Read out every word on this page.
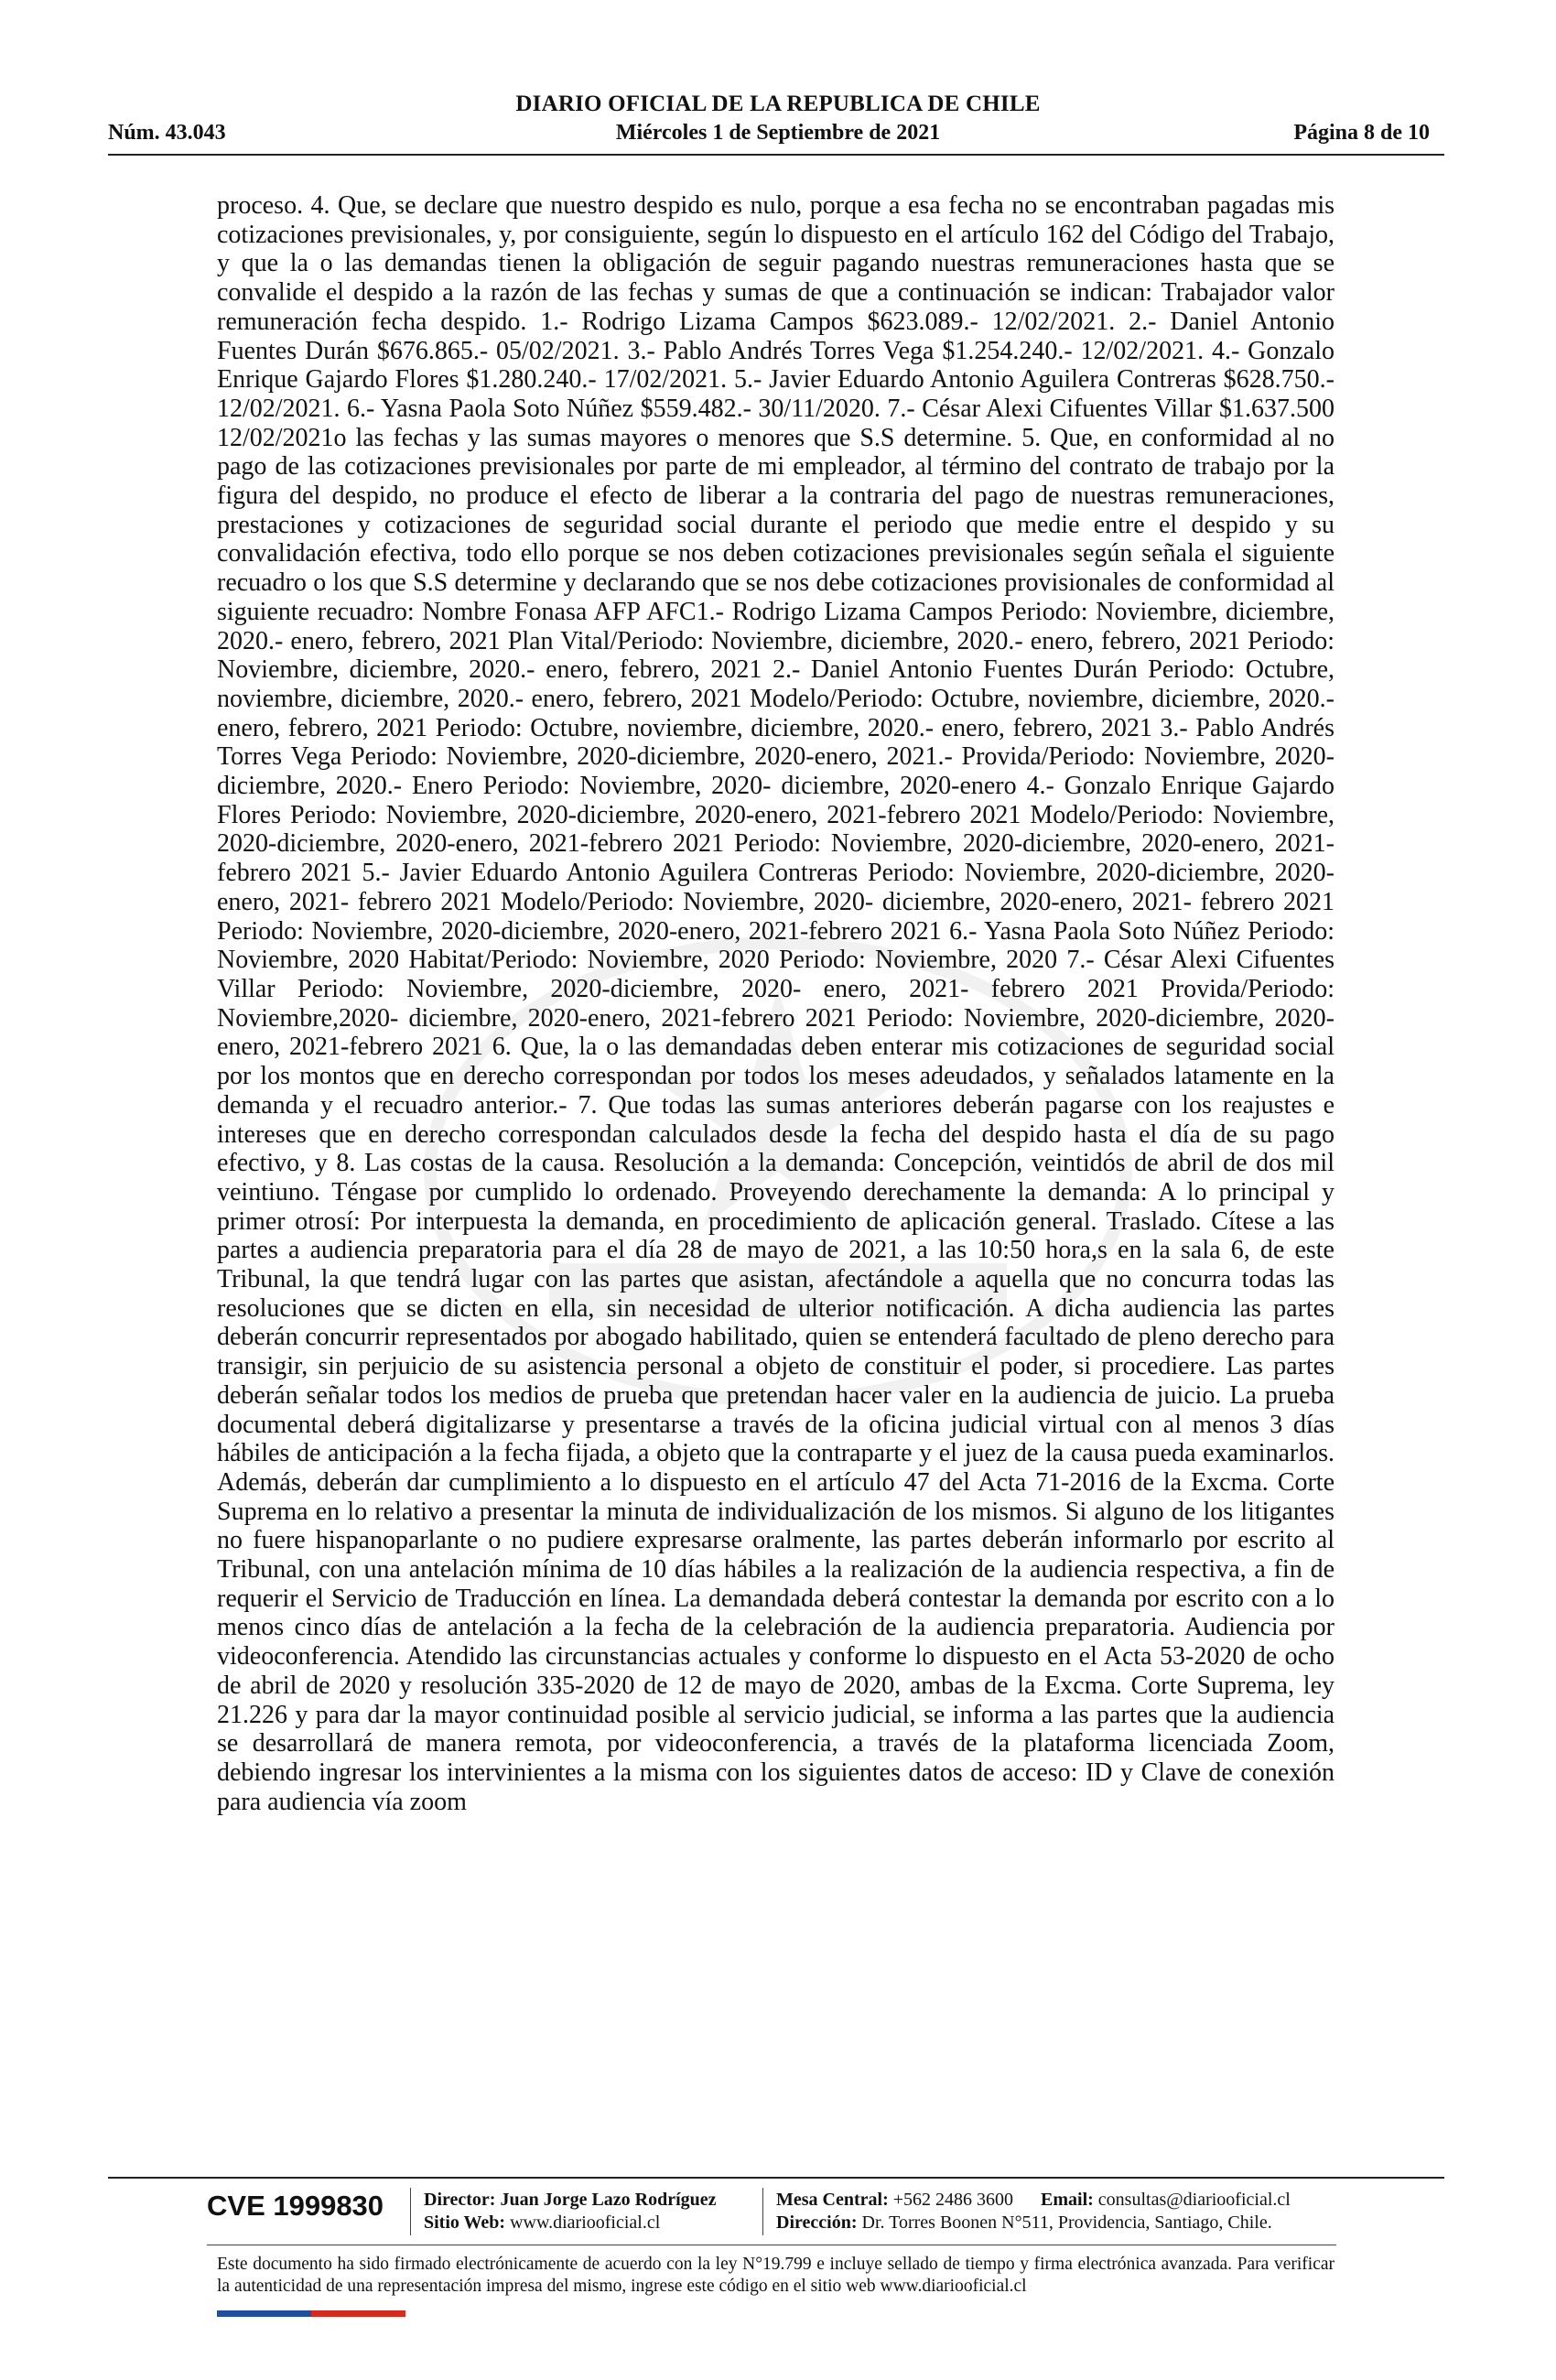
DIARIO OFICIAL DE LA REPUBLICA DE CHILE
Núm. 43.043	Miércoles 1 de Septiembre de 2021	Página 8 de 10
proceso. 4. Que, se declare que nuestro despido es nulo, porque a esa fecha no se encontraban pagadas mis cotizaciones previsionales, y, por consiguiente, según lo dispuesto en el artículo 162 del Código del Trabajo, y que la o las demandas tienen la obligación de seguir pagando nuestras remuneraciones hasta que se convalide el despido a la razón de las fechas y sumas de que a continuación se indican: Trabajador valor remuneración fecha despido. 1.- Rodrigo Lizama Campos $623.089.- 12/02/2021. 2.- Daniel Antonio Fuentes Durán $676.865.- 05/02/2021. 3.- Pablo Andrés Torres Vega $1.254.240.- 12/02/2021. 4.- Gonzalo Enrique Gajardo Flores $1.280.240.- 17/02/2021. 5.- Javier Eduardo Antonio Aguilera Contreras $628.750.- 12/02/2021. 6.- Yasna Paola Soto Núñez $559.482.- 30/11/2020. 7.- César Alexi Cifuentes Villar $1.637.500 12/02/2021o las fechas y las sumas mayores o menores que S.S determine. 5. Que, en conformidad al no pago de las cotizaciones previsionales por parte de mi empleador, al término del contrato de trabajo por la figura del despido, no produce el efecto de liberar a la contraria del pago de nuestras remuneraciones, prestaciones y cotizaciones de seguridad social durante el periodo que medie entre el despido y su convalidación efectiva, todo ello porque se nos deben cotizaciones previsionales según señala el siguiente recuadro o los que S.S determine y declarando que se nos debe cotizaciones provisionales de conformidad al siguiente recuadro: Nombre Fonasa AFP AFC1.- Rodrigo Lizama Campos Periodo: Noviembre, diciembre, 2020.- enero, febrero, 2021 Plan Vital/Periodo: Noviembre, diciembre, 2020.- enero, febrero, 2021 Periodo: Noviembre, diciembre, 2020.- enero, febrero, 2021 2.- Daniel Antonio Fuentes Durán Periodo: Octubre, noviembre, diciembre, 2020.- enero, febrero, 2021 Modelo/Periodo: Octubre, noviembre, diciembre, 2020.- enero, febrero, 2021 Periodo: Octubre, noviembre, diciembre, 2020.- enero, febrero, 2021 3.- Pablo Andrés Torres Vega Periodo: Noviembre, 2020-diciembre, 2020-enero, 2021.- Provida/Periodo: Noviembre, 2020-diciembre, 2020.- Enero Periodo: Noviembre, 2020- diciembre, 2020-enero 4.- Gonzalo Enrique Gajardo Flores Periodo: Noviembre, 2020-diciembre, 2020-enero, 2021-febrero 2021 Modelo/Periodo: Noviembre, 2020-diciembre, 2020-enero, 2021-febrero 2021 Periodo: Noviembre, 2020-diciembre, 2020-enero, 2021- febrero 2021 5.- Javier Eduardo Antonio Aguilera Contreras Periodo: Noviembre, 2020-diciembre, 2020- enero, 2021- febrero 2021 Modelo/Periodo: Noviembre, 2020- diciembre, 2020-enero, 2021- febrero 2021 Periodo: Noviembre, 2020-diciembre, 2020-enero, 2021-febrero 2021 6.- Yasna Paola Soto Núñez Periodo: Noviembre, 2020 Habitat/Periodo: Noviembre, 2020 Periodo: Noviembre, 2020 7.- César Alexi Cifuentes Villar Periodo: Noviembre, 2020-diciembre, 2020- enero, 2021- febrero 2021 Provida/Periodo: Noviembre,2020- diciembre, 2020-enero, 2021-febrero 2021 Periodo: Noviembre, 2020-diciembre, 2020-enero, 2021-febrero 2021 6. Que, la o las demandadas deben enterar mis cotizaciones de seguridad social por los montos que en derecho correspondan por todos los meses adeudados, y señalados latamente en la demanda y el recuadro anterior.- 7. Que todas las sumas anteriores deberán pagarse con los reajustes e intereses que en derecho correspondan calculados desde la fecha del despido hasta el día de su pago efectivo, y 8. Las costas de la causa. Resolución a la demanda: Concepción, veintidós de abril de dos mil veintiuno. Téngase por cumplido lo ordenado. Proveyendo derechamente la demanda: A lo principal y primer otrosí: Por interpuesta la demanda, en procedimiento de aplicación general. Traslado. Cítese a las partes a audiencia preparatoria para el día 28 de mayo de 2021, a las 10:50 hora,s en la sala 6, de este Tribunal, la que tendrá lugar con las partes que asistan, afectándole a aquella que no concurra todas las resoluciones que se dicten en ella, sin necesidad de ulterior notificación. A dicha audiencia las partes deberán concurrir representados por abogado habilitado, quien se entenderá facultado de pleno derecho para transigir, sin perjuicio de su asistencia personal a objeto de constituir el poder, si procediere. Las partes deberán señalar todos los medios de prueba que pretendan hacer valer en la audiencia de juicio. La prueba documental deberá digitalizarse y presentarse a través de la oficina judicial virtual con al menos 3 días hábiles de anticipación a la fecha fijada, a objeto que la contraparte y el juez de la causa pueda examinarlos. Además, deberán dar cumplimiento a lo dispuesto en el artículo 47 del Acta 71-2016 de la Excma. Corte Suprema en lo relativo a presentar la minuta de individualización de los mismos. Si alguno de los litigantes no fuere hispanoparlante o no pudiere expresarse oralmente, las partes deberán informarlo por escrito al Tribunal, con una antelación mínima de 10 días hábiles a la realización de la audiencia respectiva, a fin de requerir el Servicio de Traducción en línea. La demandada deberá contestar la demanda por escrito con a lo menos cinco días de antelación a la fecha de la celebración de la audiencia preparatoria. Audiencia por videoconferencia. Atendido las circunstancias actuales y conforme lo dispuesto en el Acta 53-2020 de ocho de abril de 2020 y resolución 335-2020 de 12 de mayo de 2020, ambas de la Excma. Corte Suprema, ley 21.226 y para dar la mayor continuidad posible al servicio judicial, se informa a las partes que la audiencia se desarrollará de manera remota, por videoconferencia, a través de la plataforma licenciada Zoom, debiendo ingresar los intervinientes a la misma con los siguientes datos de acceso: ID y Clave de conexión para audiencia vía zoom
CVE 1999830 Director: Juan Jorge Lazo Rodríguez
Sitio Web: www.diariooficial.cl
Mesa Central: +562 2486 3600 Email: consultas@diariooficial.cl
Dirección: Dr. Torres Boonen N°511, Providencia, Santiago, Chile.
Este documento ha sido firmado electrónicamente de acuerdo con la ley N°19.799 e incluye sellado de tiempo y firma electrónica avanzada. Para verificar la autenticidad de una representación impresa del mismo, ingrese este código en el sitio web www.diariooficial.cl
